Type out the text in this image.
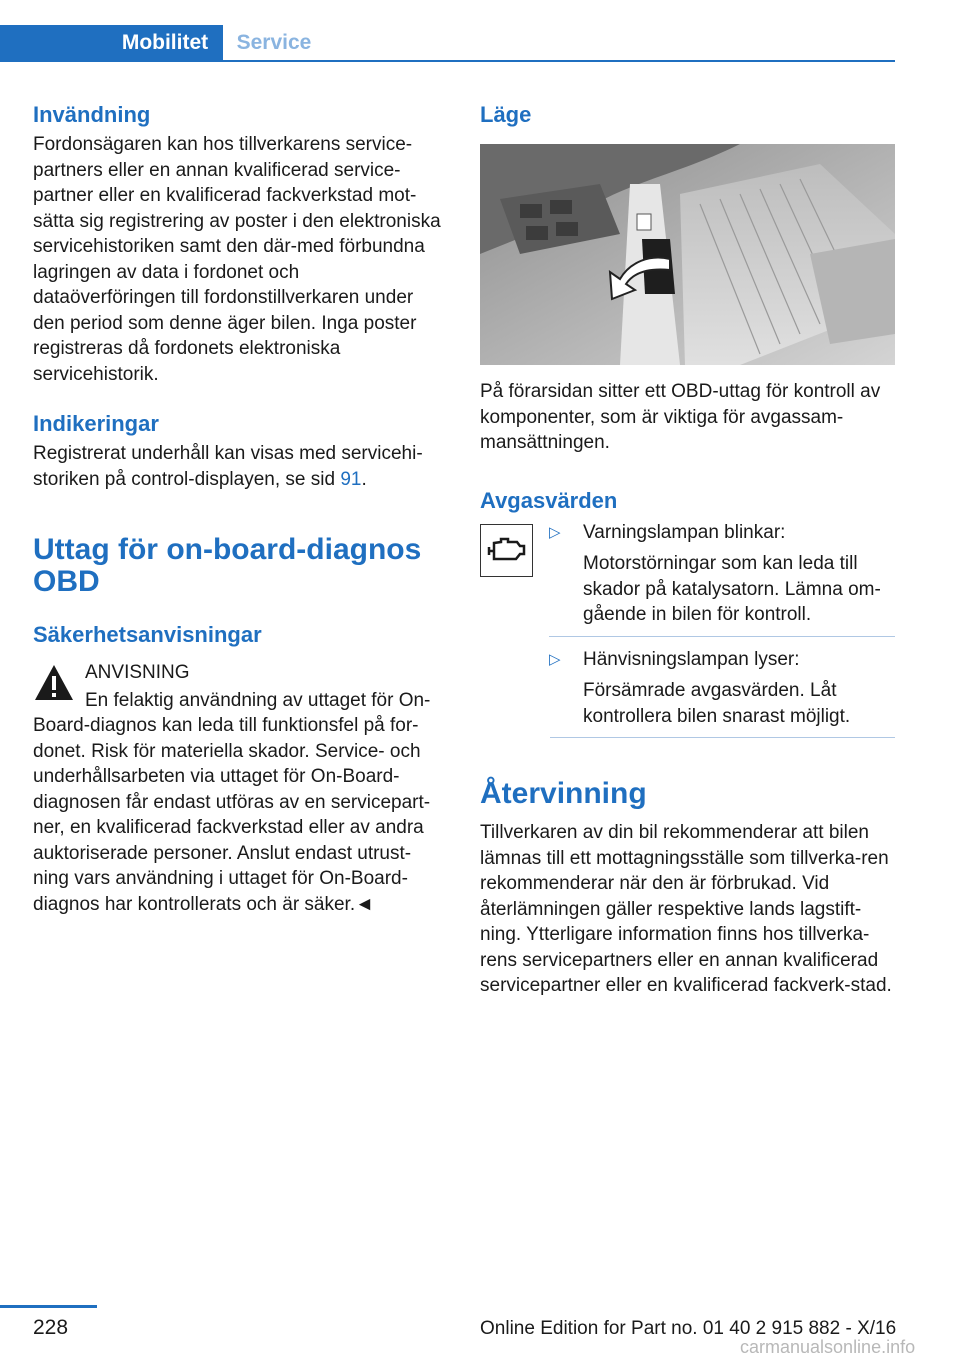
Mobilitet	Service
Invändning

Fordonsägaren kan hos tillverkarens service-partners eller en annan kvalificerad service-partner eller en kvalificerad fackverkstad mot-sätta sig registrering av poster i den elektroniska servicehistoriken samt den där-med förbundna lagringen av data i fordonet och dataöverföringen till fordonstillverkaren under den period som denne äger bilen. Inga poster registreras då fordonets elektroniska servicehistorik.

Indikeringar

Registrerat underhåll kan visas med servicehi-storiken på control-displayen, se sid 91.

Uttag för on-board-diagnos OBD
Säkerhetsanvisningar

ANVISNING

En felaktig användning av uttaget för On-

Board-diagnos kan leda till funktionsfel på for-donet. Risk för materiella skador. Service- och underhållsarbeten via uttaget för On-Board-diagnosen får endast utföras av en servicepart-ner, en kvalificerad fackverkstad eller av andra auktoriserade personer. Anslut endast utrust-ning vars användning i uttaget för On-Board-diagnos har kontrollerats och är säker.◄

Läge

På förarsidan sitter ett OBD-uttag för kontroll av komponenter, som är viktiga för avgassam-mansättningen.

Avgasvärden
▷	Varningslampan blinkar:

Motorstörningar som kan leda till skador på katalysatorn. Lämna om-gående in bilen för kontroll.

▷	Hänvisningslampan lyser:

Försämrade avgasvärden. Låt kontrollera bilen snarast möjligt.

Återvinning

Tillverkaren av din bil rekommenderar att bilen lämnas till ett mottagningsställe som tillverka-ren rekommenderar när den är förbrukad. Vid återlämningen gäller respektive lands lagstift-ning. Ytterligare information finns hos tillverka-rens servicepartners eller en annan kvalificerad servicepartner eller en kvalificerad fackverk-stad.

228	Online Edition for Part no. 01 40 2 915 882 - X/16
carmanualsonline.info
